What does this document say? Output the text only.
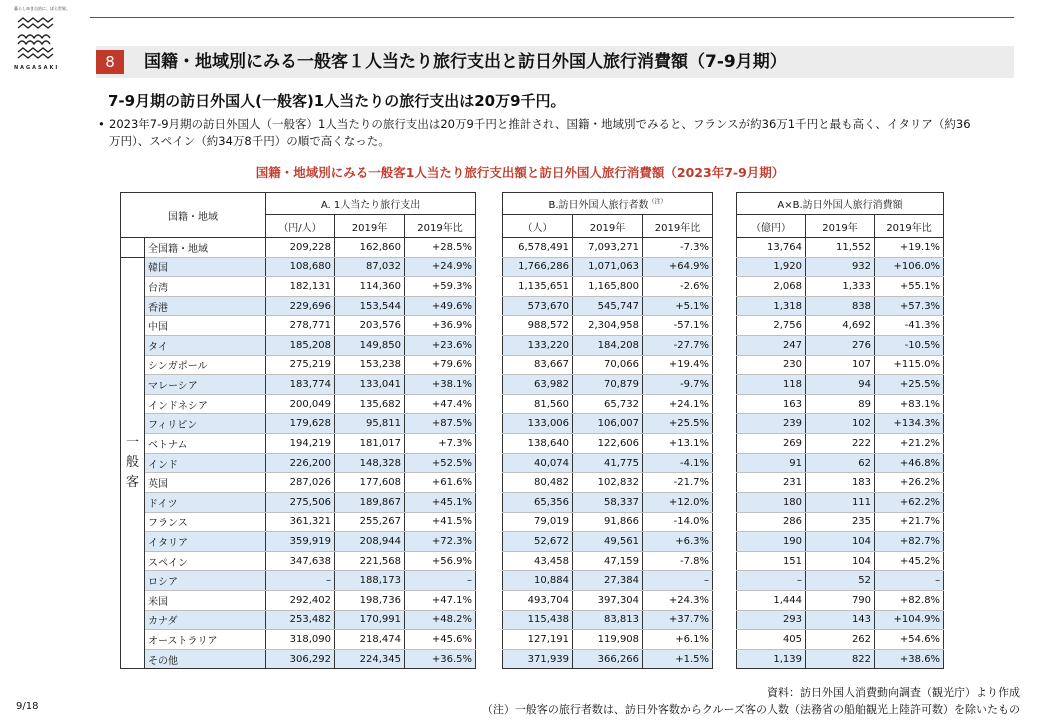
暮らしゆき自治に、ぼら世界。
NAGASAKI	8	国籍・地域別にみる一般客１人当たり旅行支出と訪日外国人旅行消費額（7-9月期）
7-9月期の訪日外国人(一般客)1人当たりの旅行支出は20万9千円。
• 2023年7-9月期の訪日外国人（一般客）1人当たりの旅行支出は20万9千円と推計され、国籍・地域別でみると、フランスが約36万1千円と最も高く、イタリア（約36万円）、スペイン（約34万8千円）の順で高くなった。
国籍・地域別にみる一般客1人当たり旅行支出額と訪日外国人旅行消費額（2023年7-9月期）
国籍・地域		A. 1人当たり旅行支出				B.訪日外国人旅行者数$^{(注)}$				A×B.訪日外国人旅行消費額		
		（円/人）	2019年	2019年比		（人）	2019年	2019年比		（億円）	2019年	2019年比
	全国籍・地域	209,228	162,860	+28.5%		6,578,491	7,093,271	-7.3%		13,764	11,552	+19.1%
一般客	韓国	108,680	87,032	+24.9%		1,766,286	1,071,063	+64.9%		1,920	932	+106.0%
	台湾	182,131	114,360	+59.3%		1,135,651	1,165,800	-2.6%		2,068	1,333	+55.1%
	香港	229,696	153,544	+49.6%		573,670	545,747	+5.1%		1,318	838	+57.3%
	中国	278,771	203,576	+36.9%		988,572	2,304,958	-57.1%		2,756	4,692	-41.3%
	タイ	185,208	149,850	+23.6%		133,220	184,208	-27.7%		247	276	-10.5%
	シンガポール	275,219	153,238	+79.6%		83,667	70,066	+19.4%		230	107	+115.0%
	マレーシア	183,774	133,041	+38.1%		63,982	70,879	-9.7%		118	94	+25.5%
	インドネシア	200,049	135,682	+47.4%		81,560	65,732	+24.1%		163	89	+83.1%
	フィリピン	179,628	95,811	+87.5%		133,006	106,007	+25.5%		239	102	+134.3%
	ベトナム	194,219	181,017	+7.3%		138,640	122,606	+13.1%		269	222	+21.2%
	インド	226,200	148,328	+52.5%		40,074	41,775	-4.1%		91	62	+46.8%
	英国	287,026	177,608	+61.6%		80,482	102,832	-21.7%		231	183	+26.2%
	ドイツ	275,506	189,867	+45.1%		65,356	58,337	+12.0%		180	111	+62.2%
	フランス	361,321	255,267	+41.5%		79,019	91,866	-14.0%		286	235	+21.7%
	イタリア	359,919	208,944	+72.3%		52,672	49,561	+6.3%		190	104	+82.7%
	スペイン	347,638	221,568	+56.9%		43,458	47,159	-7.8%		151	104	+45.2%
	ロシア	–	188,173	–		10,884	27,384	–		–	52	–
	米国	292,402	198,736	+47.1%		493,704	397,304	+24.3%		1,444	790	+82.8%
	カナダ	253,482	170,991	+48.2%		115,438	83,813	+37.7%		293	143	+104.9%
	オーストラリア	318,090	218,474	+45.6%		127,191	119,908	+6.1%		405	262	+54.6%
	その他	306,292	224,345	+36.5%		371,939	366,266	+1.5%		1,139	822	+38.6%
資料：訪日外国人消費動向調査（観光庁）より作成
（注）一般客の旅行者数は、訪日外客数からクルーズ客の人数（法務省の船舶観光上陸許可数）を除いたもの
9/18
